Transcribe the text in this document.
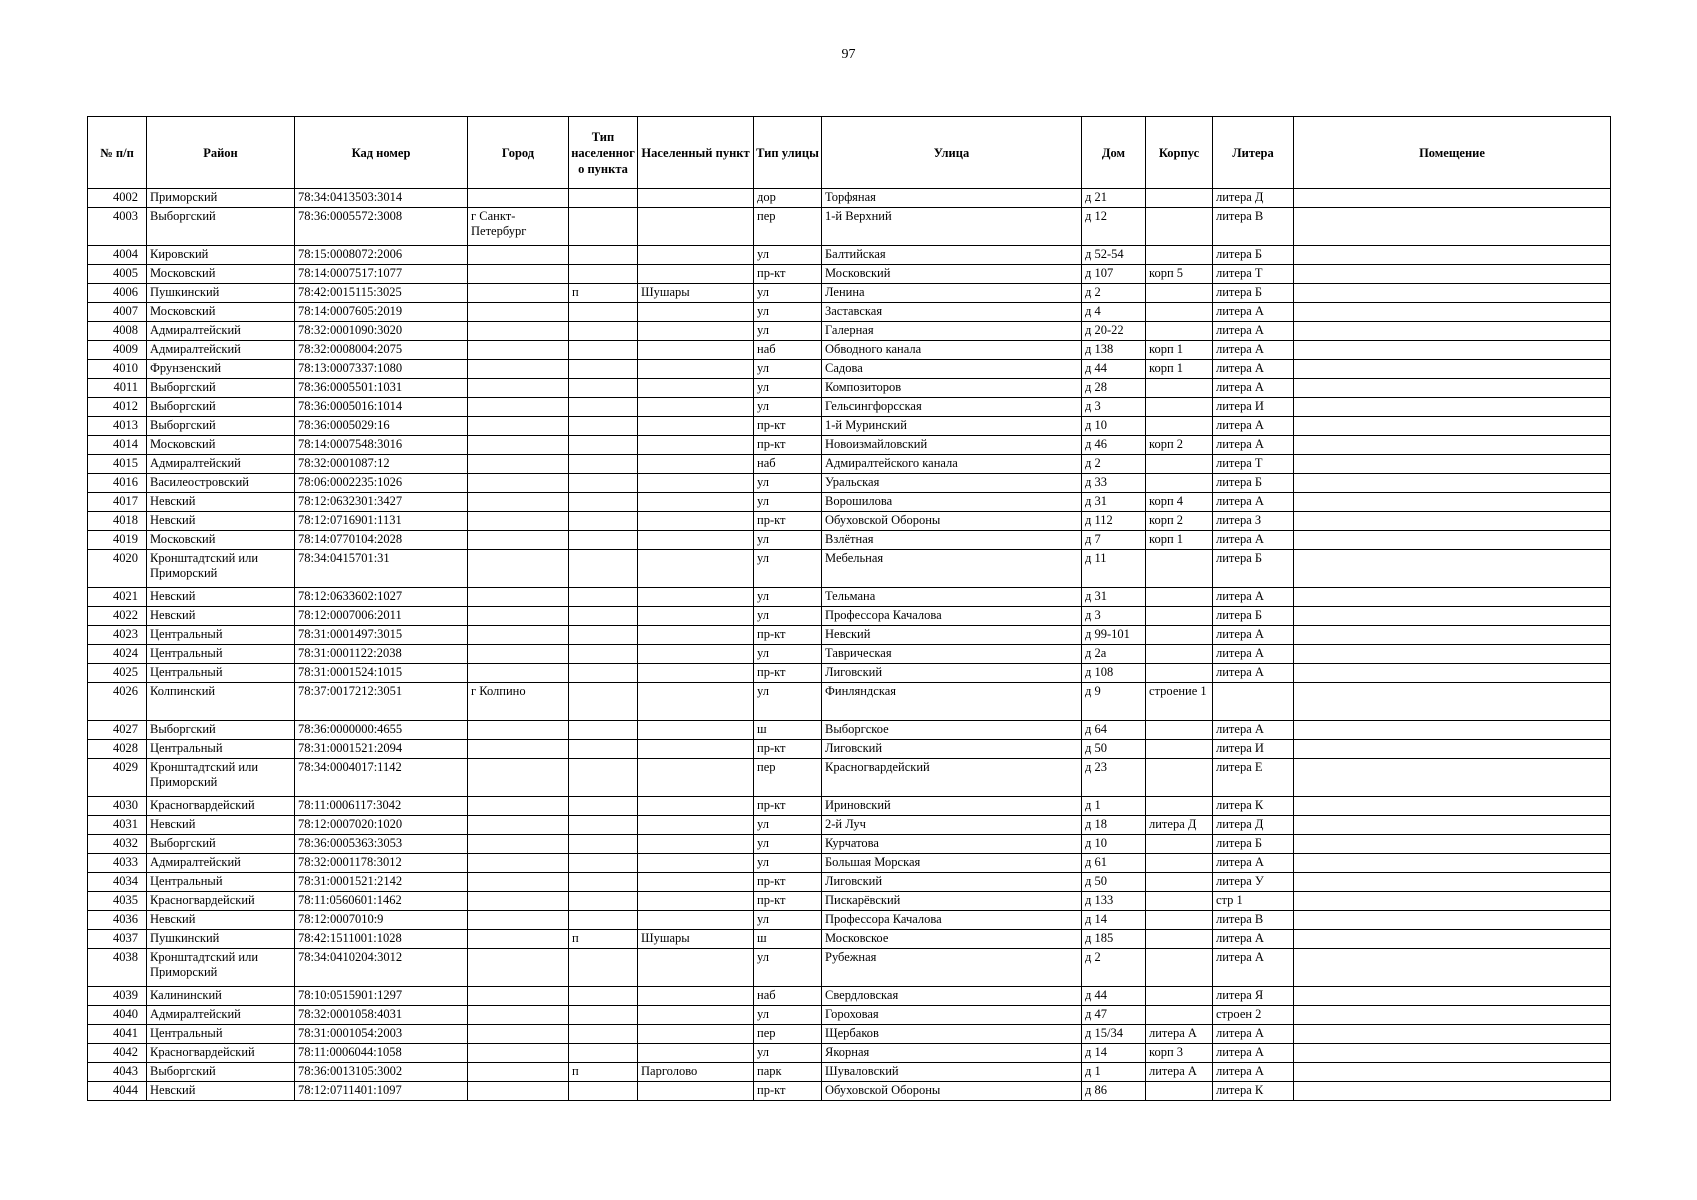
97
№ п/п	Район	Кад номер	Город	Тип населенного пункта	Населенный пункт	Тип улицы	Улица	Дом	Корпус	Литера	Помещение
4002	Приморский	78:34:0413503:3014				дор	Торфяная	д 21		литера Д	
4003	Выборгский	78:36:0005572:3008	г Санкт-Петербург			пер	1-й Верхний	д 12		литера В	
4004	Кировский	78:15:0008072:2006				ул	Балтийская	д 52-54		литера Б	
4005	Московский	78:14:0007517:1077				пр-кт	Московский	д 107	корп 5	литера Т	
4006	Пушкинский	78:42:0015115:3025		п	Шушары	ул	Ленина	д 2		литера Б	
4007	Московский	78:14:0007605:2019				ул	Заставская	д 4		литера А	
4008	Адмиралтейский	78:32:0001090:3020				ул	Галерная	д 20-22		литера А	
4009	Адмиралтейский	78:32:0008004:2075				наб	Обводного канала	д 138	корп 1	литера А	
4010	Фрунзенский	78:13:0007337:1080				ул	Садова	д 44	корп 1	литера А	
4011	Выборгский	78:36:0005501:1031				ул	Композиторов	д 28		литера А	
4012	Выборгский	78:36:0005016:1014				ул	Гельсингфорсская	д 3		литера И	
4013	Выборгский	78:36:0005029:16				пр-кт	1-й Муринский	д 10		литера А	
4014	Московский	78:14:0007548:3016				пр-кт	Новоизмайловский	д 46	корп 2	литера А	
4015	Адмиралтейский	78:32:0001087:12				наб	Адмиралтейского канала	д 2		литера Т	
4016	Василеостровский	78:06:0002235:1026				ул	Уральская	д 33		литера Б	
4017	Невский	78:12:0632301:3427				ул	Ворошилова	д 31	корп 4	литера А	
4018	Невский	78:12:0716901:1131				пр-кт	Обуховской Обороны	д 112	корп 2	литера З	
4019	Московский	78:14:0770104:2028				ул	Взлётная	д 7	корп 1	литера А	
4020	Кронштадтский или Приморский	78:34:0415701:31				ул	Мебельная	д 11		литера Б	
4021	Невский	78:12:0633602:1027				ул	Тельмана	д 31		литера А	
4022	Невский	78:12:0007006:2011				ул	Профессора Качалова	д 3		литера Б	
4023	Центральный	78:31:0001497:3015				пр-кт	Невский	д 99-101		литера А	
4024	Центральный	78:31:0001122:2038				ул	Таврическая	д 2а		литера А	
4025	Центральный	78:31:0001524:1015				пр-кт	Лиговский	д 108		литера А	
4026	Колпинский	78:37:0017212:3051	г Колпино			ул	Финляндская	д 9	строение 1		
4027	Выборгский	78:36:0000000:4655				ш	Выборгское	д 64		литера А	
4028	Центральный	78:31:0001521:2094				пр-кт	Лиговский	д 50		литера И	
4029	Кронштадтский или Приморский	78:34:0004017:1142				пер	Красногвардейский	д 23		литера Е	
4030	Красногвардейский	78:11:0006117:3042				пр-кт	Ириновский	д 1		литера К	
4031	Невский	78:12:0007020:1020				ул	2-й Луч	д 18	литера Д	литера Д	
4032	Выборгский	78:36:0005363:3053				ул	Курчатова	д 10		литера Б	
4033	Адмиралтейский	78:32:0001178:3012				ул	Большая Морская	д 61		литера А	
4034	Центральный	78:31:0001521:2142				пр-кт	Лиговский	д 50		литера У	
4035	Красногвардейский	78:11:0560601:1462				пр-кт	Пискарёвский	д 133		стр 1	
4036	Невский	78:12:0007010:9				ул	Профессора Качалова	д 14		литера В	
4037	Пушкинский	78:42:1511001:1028		п	Шушары	ш	Московское	д 185		литера А	
4038	Кронштадтский или Приморский	78:34:0410204:3012				ул	Рубежная	д 2		литера А	
4039	Калининский	78:10:0515901:1297				наб	Свердловская	д 44		литера Я	
4040	Адмиралтейский	78:32:0001058:4031				ул	Гороховая	д 47		строен 2	
4041	Центральный	78:31:0001054:2003				пер	Щербаков	д 15/34	литера А	литера А	
4042	Красногвардейский	78:11:0006044:1058				ул	Якорная	д 14	корп 3	литера А	
4043	Выборгский	78:36:0013105:3002		п	Парголово	парк	Шуваловский	д 1	литера А	литера А	
4044	Невский	78:12:0711401:1097				пр-кт	Обуховской Обороны	д 86		литера К	
